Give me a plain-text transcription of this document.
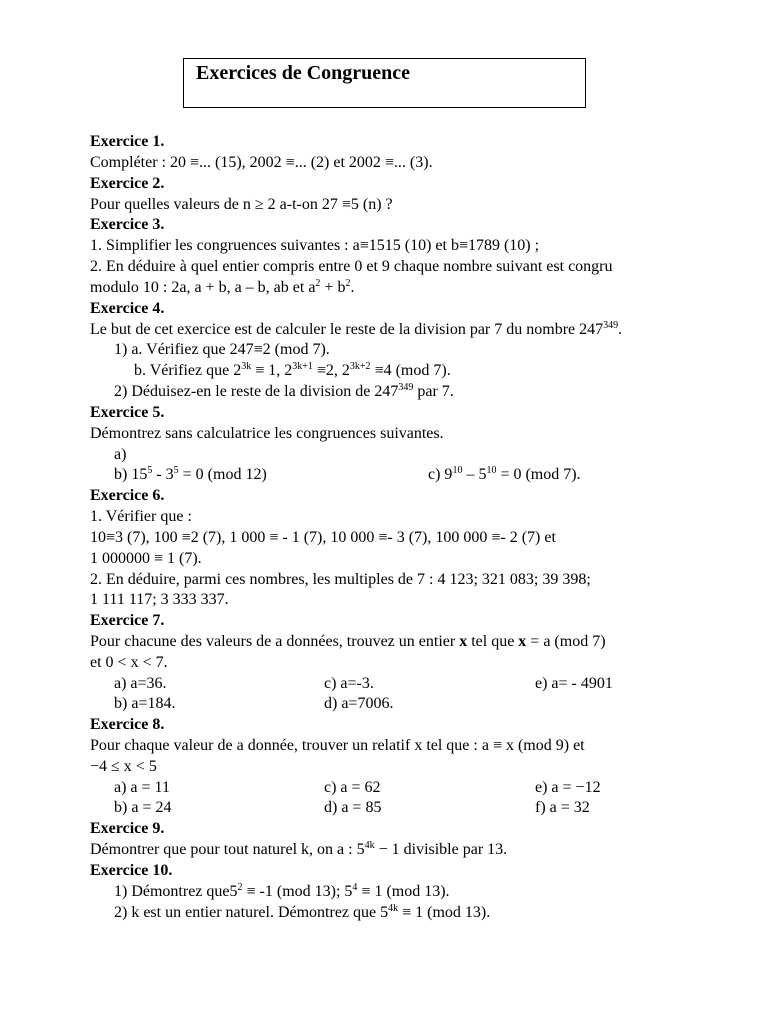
Exercices de Congruence
Exercice 1.
Compléter : 20 ≡... (15), 2002 ≡... (2) et 2002 ≡... (3).
Exercice 2.
Pour quelles valeurs de n ≥ 2 a-t-on 27 ≡5 (n) ?
Exercice 3.
1. Simplifier les congruences suivantes : a≡1515 (10) et b≡1789 (10) ;
2. En déduire à quel entier compris entre 0 et 9 chaque nombre suivant est congru
modulo 10 : 2a, a + b, a – b, ab et $a^2 + b^2$.
Exercice 4.
Le but de cet exercice est de calculer le reste de la division par 7 du nombre $247^{349}$.
1) a. Vérifiez que 247≡2 (mod 7).
b. Vérifiez que $2^{3k} \equiv 1$, $2^{3k+1} \equiv 2$, $2^{3k+2} \equiv 4$ (mod 7).
2) Déduisez-en le reste de la division de $247^{349}$ par 7.
Exercice 5.
Démontrez sans calculatrice les congruences suivantes.
a)
b) $15^5 - 3^5 = 0$ (mod 12)	c) $9^{10} - 5^{10} = 0$ (mod 7).
Exercice 6.
1. Vérifier que :
10≡3 (7), 100 ≡2 (7), 1 000 ≡ - 1 (7), 10 000 ≡- 3 (7), 100 000 ≡- 2 (7) et
1 000000 ≡ 1 (7).
2. En déduire, parmi ces nombres, les multiples de 7 : 4 123; 321 083; 39 398;
1 111 117; 3 333 337.
Exercice 7.
Pour chacune des valeurs de a données, trouvez un entier x tel que x = a (mod 7)
et 0 < x < 7.
a) a=36.	c) a=-3.	e) a= - 4901
b) a=184.	d) a=7006.
Exercice 8.
Pour chaque valeur de a donnée, trouver un relatif x tel que : a ≡ x (mod 9) et
−4 ≤ x < 5
a) a = 11	c) a = 62	e) a = −12
b) a = 24	d) a = 85	f) a = 32
Exercice 9.
Démontrer que pour tout naturel k, on a : $5^{4k} - 1$ divisible par 13.
Exercice 10.
1) Démontrez $que5^2 \equiv -1$ (mod 13); $5^4 \equiv 1$ (mod 13).
2) k est un entier naturel. Démontrez que $5^{4k} \equiv 1$ (mod 13).
